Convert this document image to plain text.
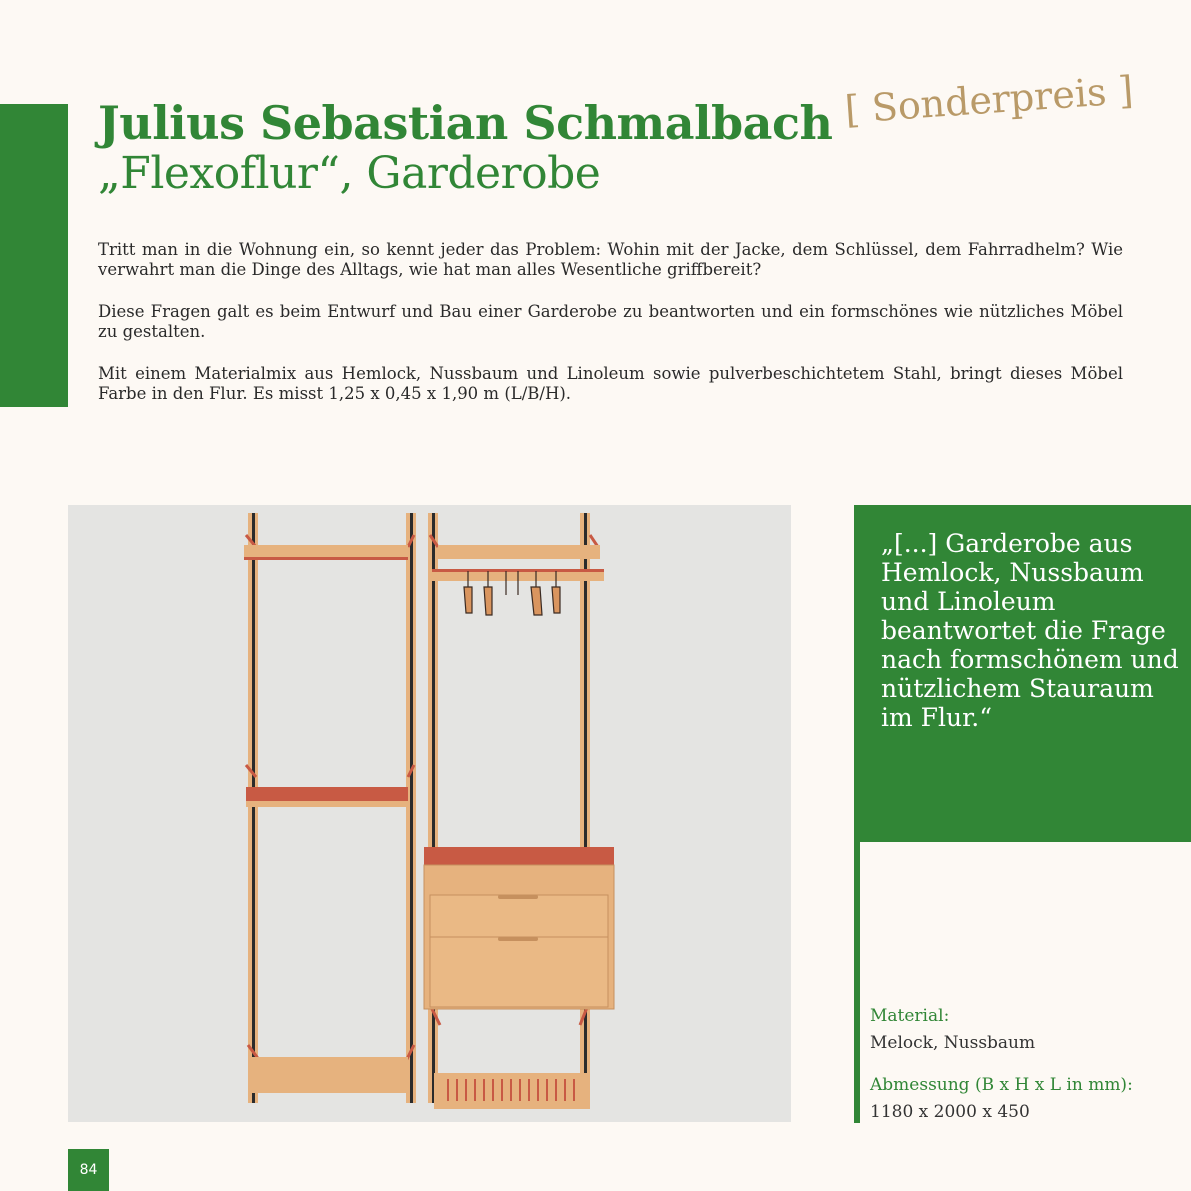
Julius Sebastian Schmalbach
„Flexoflur“, Garderobe
[ Sonderpreis ]

Tritt man in die Wohnung ein, so kennt jeder das Problem: Wohin mit der Jacke, dem Schlüssel, dem Fahrradhelm? Wie verwahrt man die Dinge des Alltags, wie hat man alles Wesentliche griffbereit?

Diese Fragen galt es beim Entwurf und Bau einer Garderobe zu beantworten und ein formschönes wie nützliches Möbel zu gestalten.

Mit einem Materialmix aus Hemlock, Nussbaum und Linoleum sowie pulverbeschichtetem Stahl, bringt dieses Möbel Farbe in den Flur. Es misst 1,25 x 0,45 x 1,90 m (L/B/H).

„[...] Garderobe aus Hemlock, Nussbaum und Linoleum beantwortet die Frage nach formschönem und nützlichem Stauraum im Flur.“

Material:
Melock, Nussbaum
Abmessung (B x H x L in mm):
1180 x 2000 x 450
84
